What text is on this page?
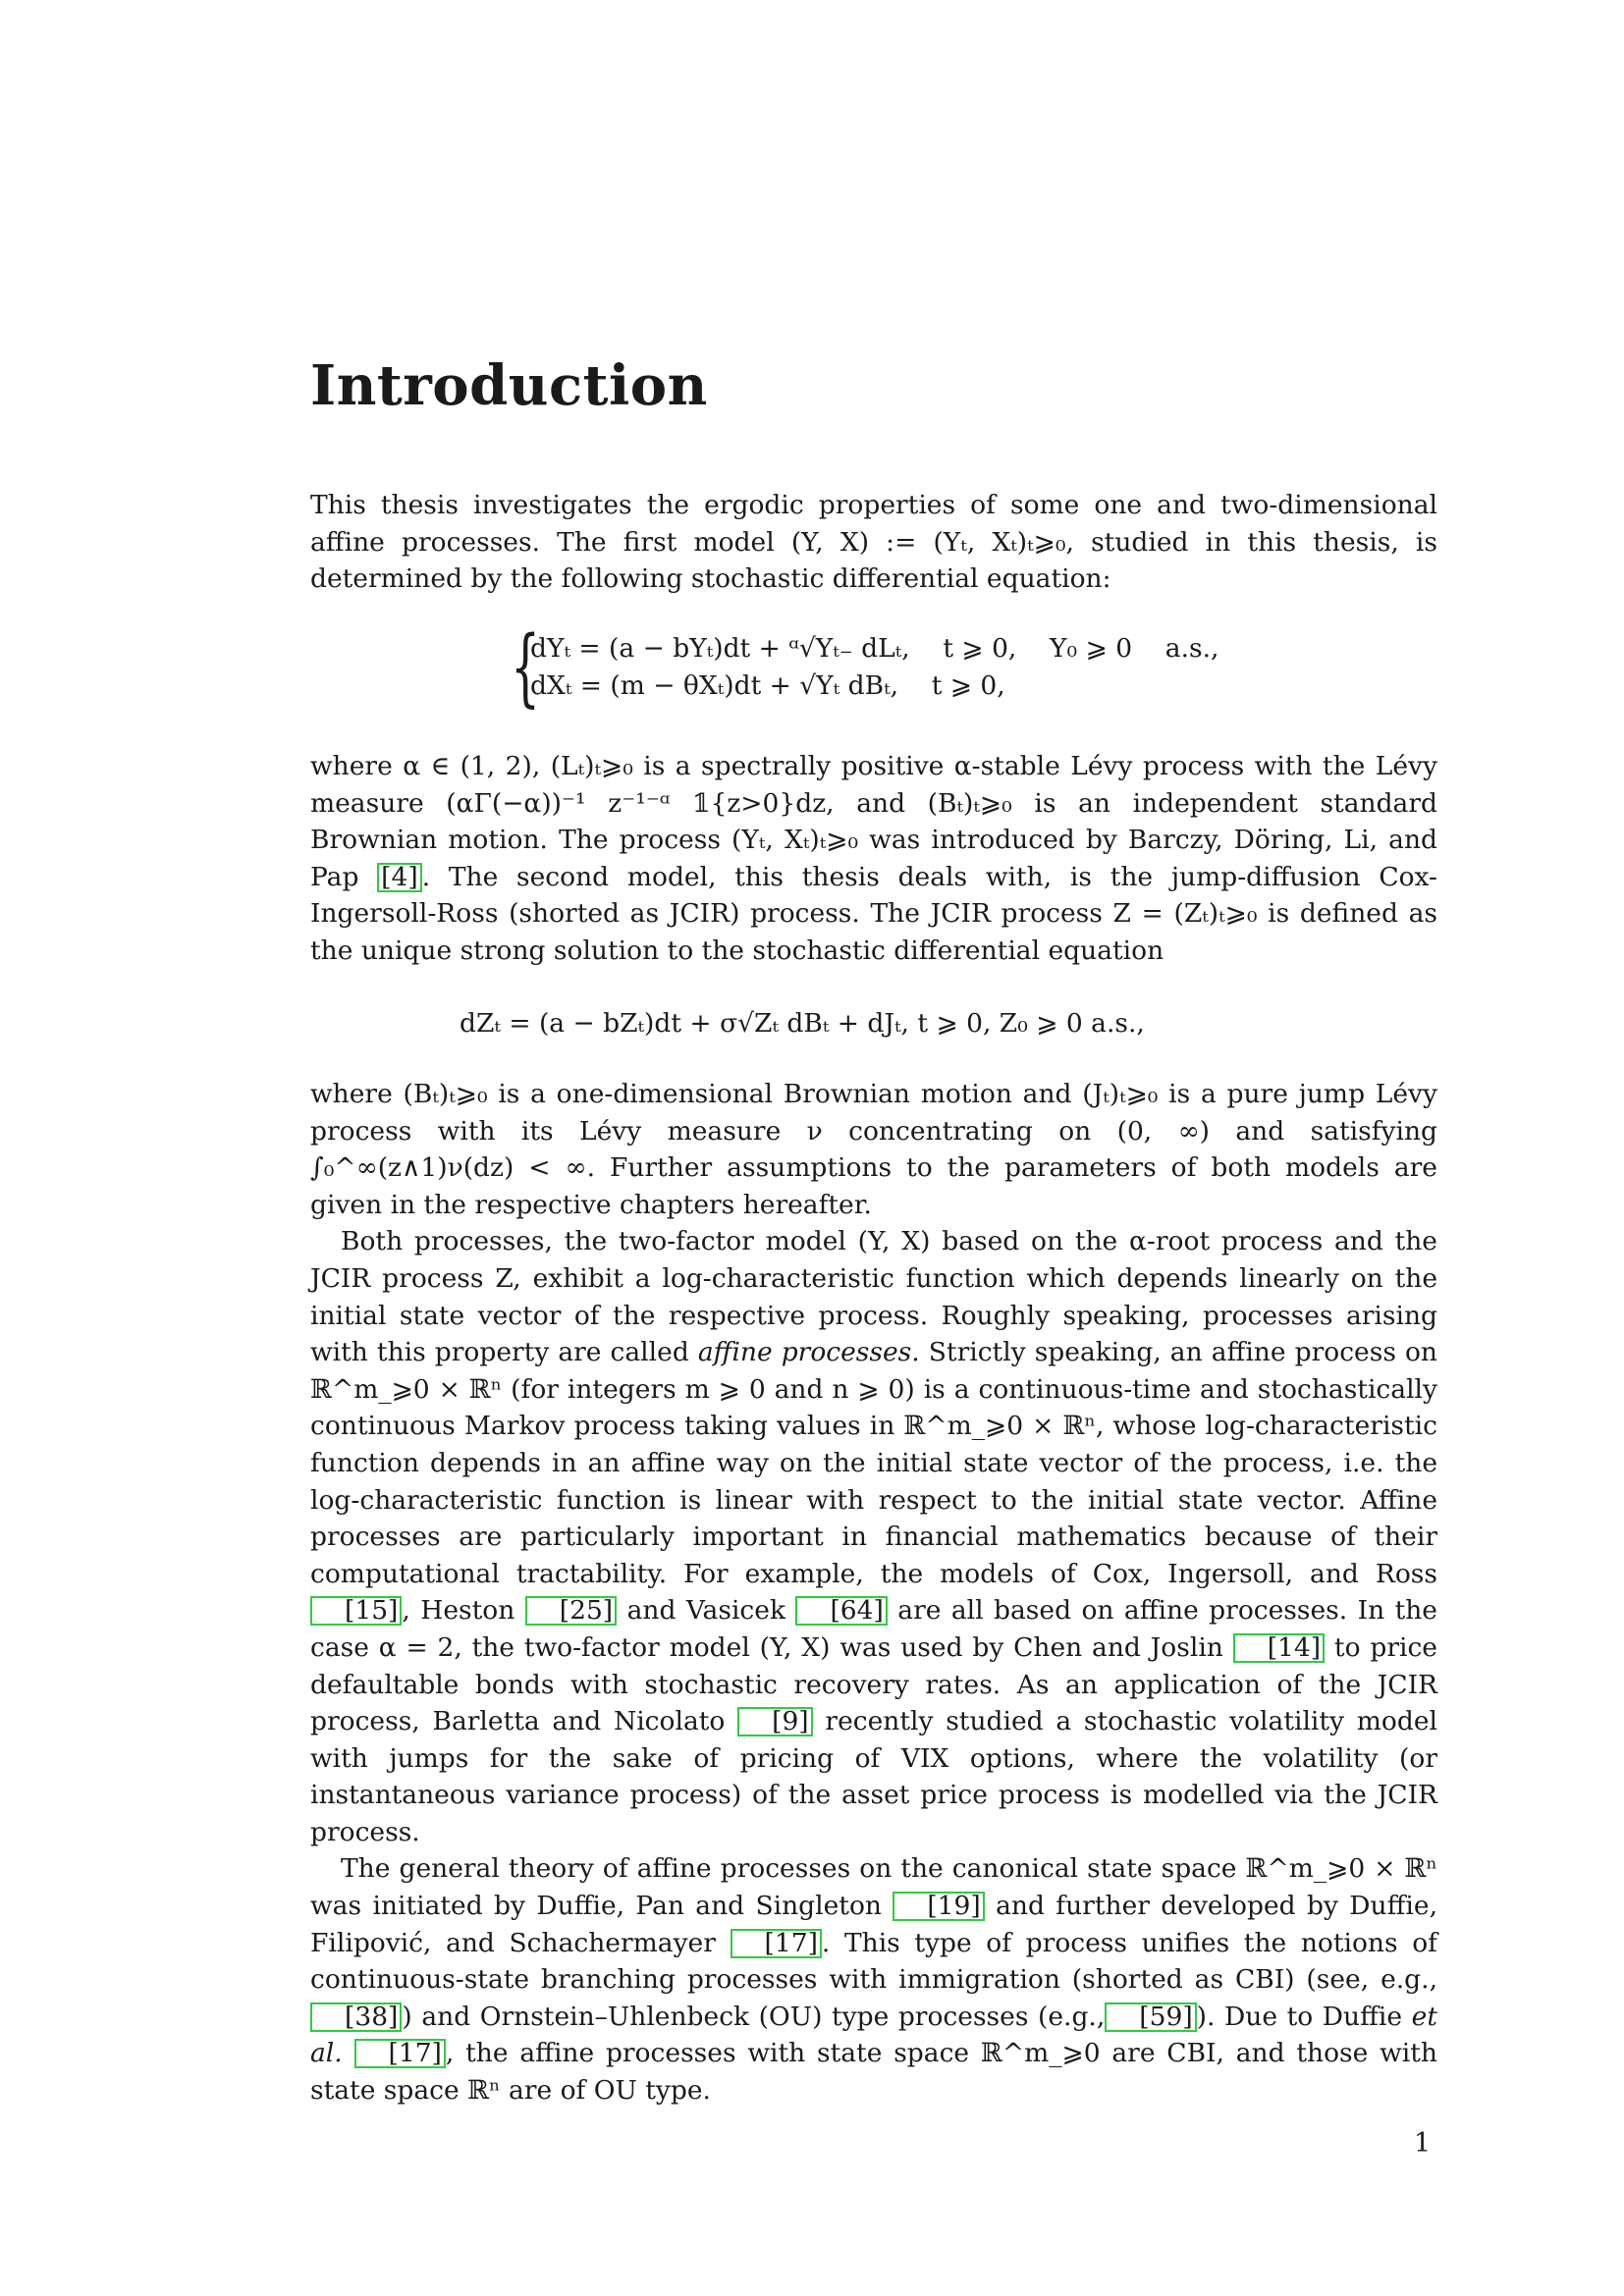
Introduction

This thesis investigates the ergodic properties of some one and two-dimensional affine processes. The first model (Y, X) := (Yₜ, Xₜ)ₜ⩾₀, studied in this thesis, is determined by the following stochastic differential equation:

{
dYₜ = (a − bYₜ)dt + ᵅ√Yₜ₋ dLₜ,    t ⩾ 0,    Y₀ ⩾ 0    a.s.,
dXₜ = (m − θXₜ)dt + √Yₜ dBₜ,    t ⩾ 0,

where α ∈ (1, 2), (Lₜ)ₜ⩾₀ is a spectrally positive α-stable Lévy process with the Lévy measure (αΓ(−α))⁻¹ z⁻¹⁻ᵅ 𝟙{z>0}dz, and (Bₜ)ₜ⩾₀ is an independent standard Brownian motion. The process (Yₜ, Xₜ)ₜ⩾₀ was introduced by Barczy, Döring, Li, and Pap [4] . The second model, this thesis deals with, is the jump-diffusion Cox-Ingersoll-Ross (shorted as JCIR) process. The JCIR process Z = (Zₜ)ₜ⩾₀ is defined as the unique strong solution to the stochastic differential equation

dZₜ = (a − bZₜ)dt + σ√Zₜ dBₜ + dJₜ, t ⩾ 0, Z₀ ⩾ 0 a.s.,

where (Bₜ)ₜ⩾₀ is a one-dimensional Brownian motion and (Jₜ)ₜ⩾₀ is a pure jump Lévy process with its Lévy measure ν concentrating on (0, ∞) and satisfying ∫₀^∞(z∧1)ν(dz) < ∞. Further assumptions to the parameters of both models are given in the respective chapters hereafter.

Both processes, the two-factor model (Y, X) based on the α-root process and the JCIR process Z, exhibit a log-characteristic function which depends linearly on the initial state vector of the respective process. Roughly speaking, processes arising with this property are called affine processes. Strictly speaking, an affine process on ℝ^m_⩾0 × ℝⁿ (for integers m ⩾ 0 and n ⩾ 0) is a continuous-time and stochastically continuous Markov process taking values in ℝ^m_⩾0 × ℝⁿ, whose log-characteristic function depends in an affine way on the initial state vector of the process, i.e. the log-characteristic function is linear with respect to the initial state vector. Affine processes are particularly important in financial mathematics because of their computational tractability. For example, the models of Cox, Ingersoll, and Ross [15] , Heston [25] and Vasicek [64] are all based on affine processes. In the case α = 2, the two-factor model (Y, X) was used by Chen and Joslin [14] to price defaultable bonds with stochastic recovery rates. As an application of the JCIR process, Barletta and Nicolato [9] recently studied a stochastic volatility model with jumps for the sake of pricing of VIX options, where the volatility (or instantaneous variance process) of the asset price process is modelled via the JCIR process.

The general theory of affine processes on the canonical state space ℝ^m_⩾0 × ℝⁿ was initiated by Duffie, Pan and Singleton [19] and further developed by Duffie, Filipović, and Schachermayer [17] . This type of process unifies the notions of continuous-state branching processes with immigration (shorted as CBI) (see, e.g., [38] ) and Ornstein–Uhlenbeck (OU) type processes (e.g., [59] ). Due to Duffie et al. [17] , the affine processes with state space ℝ^m_⩾0 are CBI, and those with state space ℝⁿ are of OU type.

1
